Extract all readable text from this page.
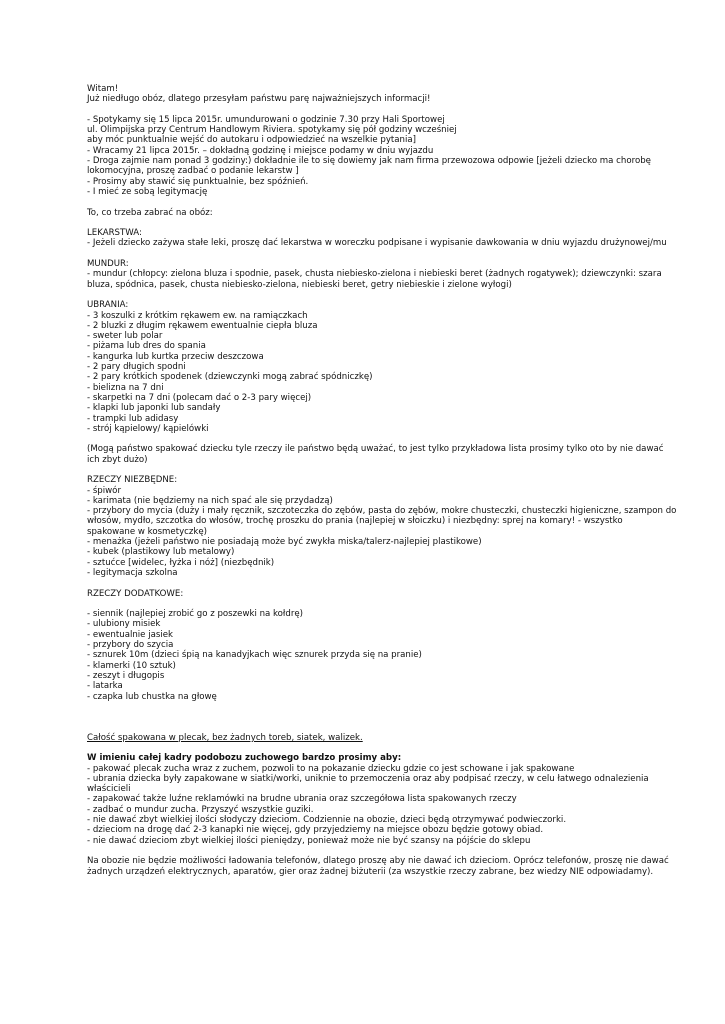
Witam!
Już niedługo obóz, dlatego przesyłam państwu parę najważniejszych informacji!
- Spotykamy się 15 lipca 2015r. umundurowani o godzinie 7.30 przy Hali Sportowej
ul. Olimpijska przy Centrum Handlowym Riviera. spotykamy się pół godziny wcześniej
aby móc punktualnie wejść do autokaru i odpowiedzieć na wszelkie pytania]
- Wracamy 21 lipca 2015r. – dokładną godzinę i miejsce podamy w dniu wyjazdu
- Droga zajmie nam ponad 3 godziny:) dokładnie ile to się dowiemy jak nam firma przewozowa odpowie [jeżeli dziecko ma chorobę
lokomocyjna, proszę zadbać o podanie lekarstw ]
- Prosimy aby stawić się punktualnie, bez spóźnień.
- I mieć ze sobą legitymację
To, co trzeba zabrać na obóz:
LEKARSTWA:
- Jeżeli dziecko zażywa stałe leki, proszę dać lekarstwa w woreczku podpisane i wypisanie dawkowania w dniu wyjazdu drużynowej/mu
MUNDUR:
- mundur (chłopcy: zielona bluza i spodnie, pasek, chusta niebiesko-zielona i niebieski beret (żadnych rogatywek); dziewczynki: szara
bluza, spódnica, pasek, chusta niebiesko-zielona, niebieski beret, getry niebieskie i zielone wyłogi)
UBRANIA:
- 3 koszulki z krótkim rękawem ew. na ramiączkach
- 2 bluzki z długim rękawem ewentualnie ciepła bluza
- sweter lub polar
- piżama lub dres do spania
- kangurka lub kurtka przeciw deszczowa
- 2 pary długich spodni
- 2 pary krótkich spodenek (dziewczynki mogą zabrać spódniczkę)
- bielizna na 7 dni
- skarpetki na 7 dni (polecam dać o 2-3 pary więcej)
- klapki lub japonki lub sandały
- trampki lub adidasy
- strój kąpielowy/ kąpielówki
(Mogą państwo spakować dziecku tyle rzeczy ile państwo będą uważać, to jest tylko przykładowa lista prosimy tylko oto by nie dawać
ich zbyt dużo)
RZECZY NIEZBĘDNE:
- śpiwór
- karimata (nie będziemy na nich spać ale się przydadzą)
- przybory do mycia (duży i mały ręcznik, szczoteczka do zębów, pasta do zębów, mokre chusteczki, chusteczki higieniczne, szampon do
włosów, mydło, szczotka do włosów, trochę proszku do prania (najlepiej w słoiczku) i niezbędny: sprej na komary! - wszystko
spakowane w kosmetyczkę)
- menażka (jeżeli państwo nie posiadają może być zwykła miska/talerz-najlepiej plastikowe)
- kubek (plastikowy lub metalowy)
- sztućce [widelec, łyżka i nóż] (niezbędnik)
- legitymacja szkolna
RZECZY DODATKOWE:
- siennik (najlepiej zrobić go z poszewki na kołdrę)
- ulubiony misiek
- ewentualnie jasiek
- przybory do szycia
- sznurek 10m (dzieci śpią na kanadyjkach więc sznurek przyda się na pranie)
- klamerki (10 sztuk)
- zeszyt i długopis
- latarka
- czapka lub chustka na głowę
Całość spakowana w plecak, bez żadnych toreb, siatek, walizek.
W imieniu całej kadry podobozu zuchowego bardzo prosimy aby:
- pakować plecak zucha wraz z zuchem, pozwoli to na pokazanie dziecku gdzie co jest schowane i jak spakowane
- ubrania dziecka były zapakowane w siatki/worki, uniknie to przemoczenia oraz aby podpisać rzeczy, w celu łatwego odnalezienia
właścicieli
- zapakować także luźne reklamówki na brudne ubrania oraz szczegółowa lista spakowanych rzeczy
- zadbać o mundur zucha. Przyszyć wszystkie guziki.
- nie dawać zbyt wielkiej ilości słodyczy dzieciom. Codziennie na obozie, dzieci będą otrzymywać podwieczorki.
- dzieciom na drogę dać 2-3 kanapki nie więcej, gdy przyjedziemy na miejsce obozu będzie gotowy obiad.
- nie dawać dzieciom zbyt wielkiej ilości pieniędzy, ponieważ może nie być szansy na pójście do sklepu
Na obozie nie będzie możliwości ładowania telefonów, dlatego proszę aby nie dawać ich dzieciom. Oprócz telefonów, proszę nie dawać
żadnych urządzeń elektrycznych, aparatów, gier oraz żadnej biżuterii (za wszystkie rzeczy zabrane, bez wiedzy NIE odpowiadamy).
